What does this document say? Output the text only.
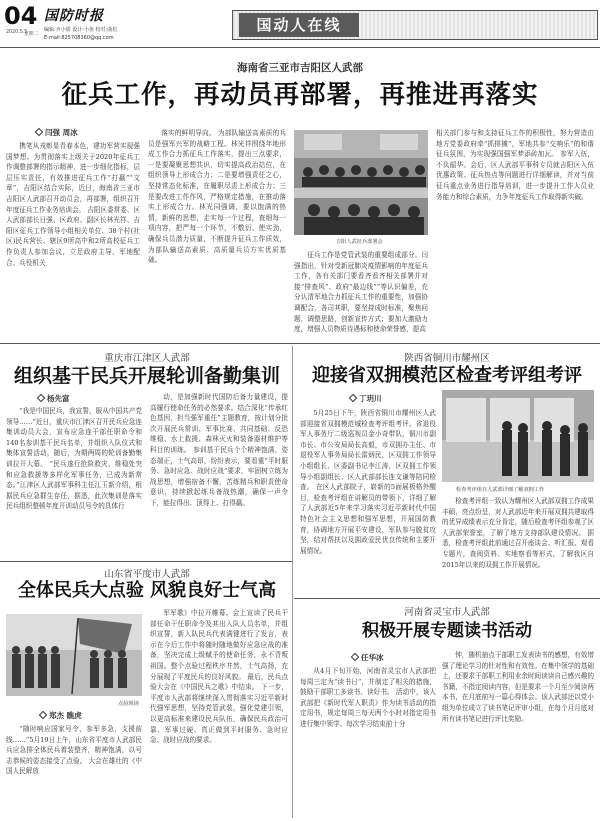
04
2020.5.5
星期二
国防时报
编辑:齐小娟 设计:小鱼 校对:曲松
E-mail:825708360@qq.com
国动人在线
海南省三亚市吉阳区人武部
征兵工作，再动员再部署，再推进再落实
闫强 周冰
携笔从戎彰显青春本色，建功军营实现强国梦想。为贯彻落实上级关于2020年征兵工作调整部署的指示精神，进一步细化指标，层层压实责任，有效推进征兵工作“打赢”“文章”，吉阳区结合实际，近日，海南省三亚市吉阳区人武部召开动员会，再部署，组织召开年度征兵工作业务培训会。 吉阳区委常委、区人武部部长日强、区政府、副区长林光祥、吉阳区征兵工作领导小组相关单位、38个村(社区)民兵营长、辖区9所高中和2所高校征兵工作负责人参加会议，立足政府主导、军地配合、兵役机关
落实的鲜明导向。 为部队输送高素质的兵员是强军兴军的战略工程。林光祥围绕年地形成工作合力抓征兵工作落实，提出三点要求，一是要凝聚思想共识，切实提高政治站位，在组织领导上形成合力；二是要增强责任之心，坚持常态化标准，在履职尽责上形成合力；三是要改进工作作风，严格规定措施，在推动落实上形成合力。林光同强调，要以饱满的热情，新鲜的思想，走实每一个过程，查细每一项内容，把严每一个环节，不敷衍、使实劲，确保兵员潜力质量，不断提升征兵工作质效，为部队输送高素质、高质量兵员方实优质基础。
吉阳人武征兵部署会
征兵工作是党管武装的重要组成部分。闫强指出，针对受新冠肺炎疫情影响的年度征兵工作，各有关部门要看齐看齐相关部署并对接“排查风”、政府“最边线”“等认识偏差，充分认清军地合力抓征兵工作的重要性，加强协调配合，各司其职，要坚持成时标准，聚焦问题，调整思路，创新宣传方式；要加大激励力度，增强人员物质待遇标和使命荣誉感，提高
相关部门参与和支持征兵工作的积极性，努力营造由地方党委政府牵“抓排摊”，军地共参“交响乐”的和谐征兵氛围，为实现强国强军梦添砖加瓦。 参军入伍，不负韶华。会后，区人武部平事科专员就吉阳区入伍优惠政策、征兵热点等问题进行详细解读，并对当前征兵重点业务进行指导培训，进一步提升工作人员业务能力和综合素质，力争年度征兵工作取得新实破。
重庆市江津区人武部
组织基干民兵开展轮训备勤集训
杨先富
“我是中国民兵，我宣誓，服从中国共产党领导……”近日，重庆市江津区召开民兵应急连集训动员大会，宣布应急连干部任职命令和140名参训基干民兵名单，并组织入队仪式和集体宣誓活动，随后，为期两周的轮训备勤集训拉开大幕。 “民兵遂行抢险救灾、维稳处突和应急救援等多样化军事任务，已成为新常态。”江津区人武部军事科主任江玉新介绍，根据民兵应急群生存任，据悉，此次集训是落实民兵组织整顿年度开训动员号令的具体行
动，是加强新时代国防后备力量建设，提高履行使命任务的必然要求。结合深化“传承红色基因，担当强军重任”主题教育，按计划分批次开展民兵常训、军事比赛、共同基础、反恐维稳、水上救援、森林灭火和装备器材维护等科目的训练。 参训基干民兵个个精神饱满、姿态端正，士气高昂，纷纷表示，要看重“平时服务、急时应急、战时应战”要求，牢固树立练为战思想，增强宿备不懈，苦练精兵和职责使命意识，持续掀起练兵备战热潮，确保一声令下，能拉得出、顶得上、打得赢。
山东省平度市人武部
全体民兵大点验 风貌良好士气高
点验现场
郑杰 瞧虎
“随时响应国家号令，参军多急，支援前线……”5月19日上午，山东省平度市人武部民兵应急排全体民兵着装整齐，精神饱满，以号志恭候的姿态接受了点验。 大会在雄壮的《中国人民解放
军军歌》中拉开帷幕。会上宣读了民兵干部任命干任职命令及其出入队人员名单，并组织宣誓，新入队民兵代表满键进行了发言，表示在今后工作中将随时随地做好应急应战的准备，坚决完成上级赋予的使命任务，永不背叛祖国。整个点验过程秩序井然，士气高扬，充分展现了平度民兵的良好风貌。 最后，民兵点验大会在《中国民兵之歌》中结束。 下一步，平度市人武部将继续深入贯彻落实习近平新时代强军思想，坚持党管武装，强化党建引领，以更高标准来建设民兵队伍，确保民兵政治可靠、军事过硬、真正做到平时服务、急时应急、战时应战的要求。
陕西省铜川市耀州区
迎接省双拥模范区检查考评组考评
丁玥川
5月25日下午，陕西省铜川市耀州区人武部迎接省双拥模范城检查考评组考评。省退役军人事务厅二级巡视员金小奇带队，铜川市副市长、市公安局局长高毅，市双拥办主任、市退役军人事务局局长雷炳民，区双拥工作领导小组组长、区委副书记李江涛，区双拥工作领导小组副组长、区人武部部长连文谦等陪同检查。 在区人武部院子，崭新的5面展板格外醒目，检查考评组在讲解员的带领下，详细了解了人武部近5年来学习落实习近平新时代中国特色社会主义思想和强军思想，开展国防教育，协调地方开展平安建设，军队参与脱贫攻坚，结对帮扶以及拥政爱民优良传统和主要开展情况。
检查考评组在人武部详细了解双拥工作
检查考评组一致认为耀州区人武部双拥工作成果丰硕，亮点纷呈，对人武部近年来开展双拥共建取得的优异成绩表示充分肯定，随后检查考评组参观了区人武部荣誉室，了解了地方支持部队建设情况。 据悉，检查考评组此前通过召开座谈会、听汇报、观看专题片，查阅资料、实地察看等形式，了解我区自2015年以来的双拥工作开展情况。
河南省灵宝市人武部
积极开展专题读书活动
任华冰
从4月下旬开始，河南省灵宝市人武部把每周三定为“读书日”，并制定了相关的措施，鼓励干部职工多读书、读好书。 活动中，该人武部把《新时代军人职责》作为读书活动的指定用书，规定每周三每天两个小时对指定用书进行集中领学。每次学习结束前十分
钟，随机抽点干部职工发表读书的感想，有效增强了理论学习的针对性和有效性。在集中领学的基础上，还要求干部职工利用业余时间读读自己感兴趣的书籍，不指定阅读内容，但是要求一个月至少阅读两本书，在月底前写一篇心得体会。该人武部还以党小组为单位成立了读书笔记评审小组，在每个月月底对所有读书笔记进行评比奖励。
